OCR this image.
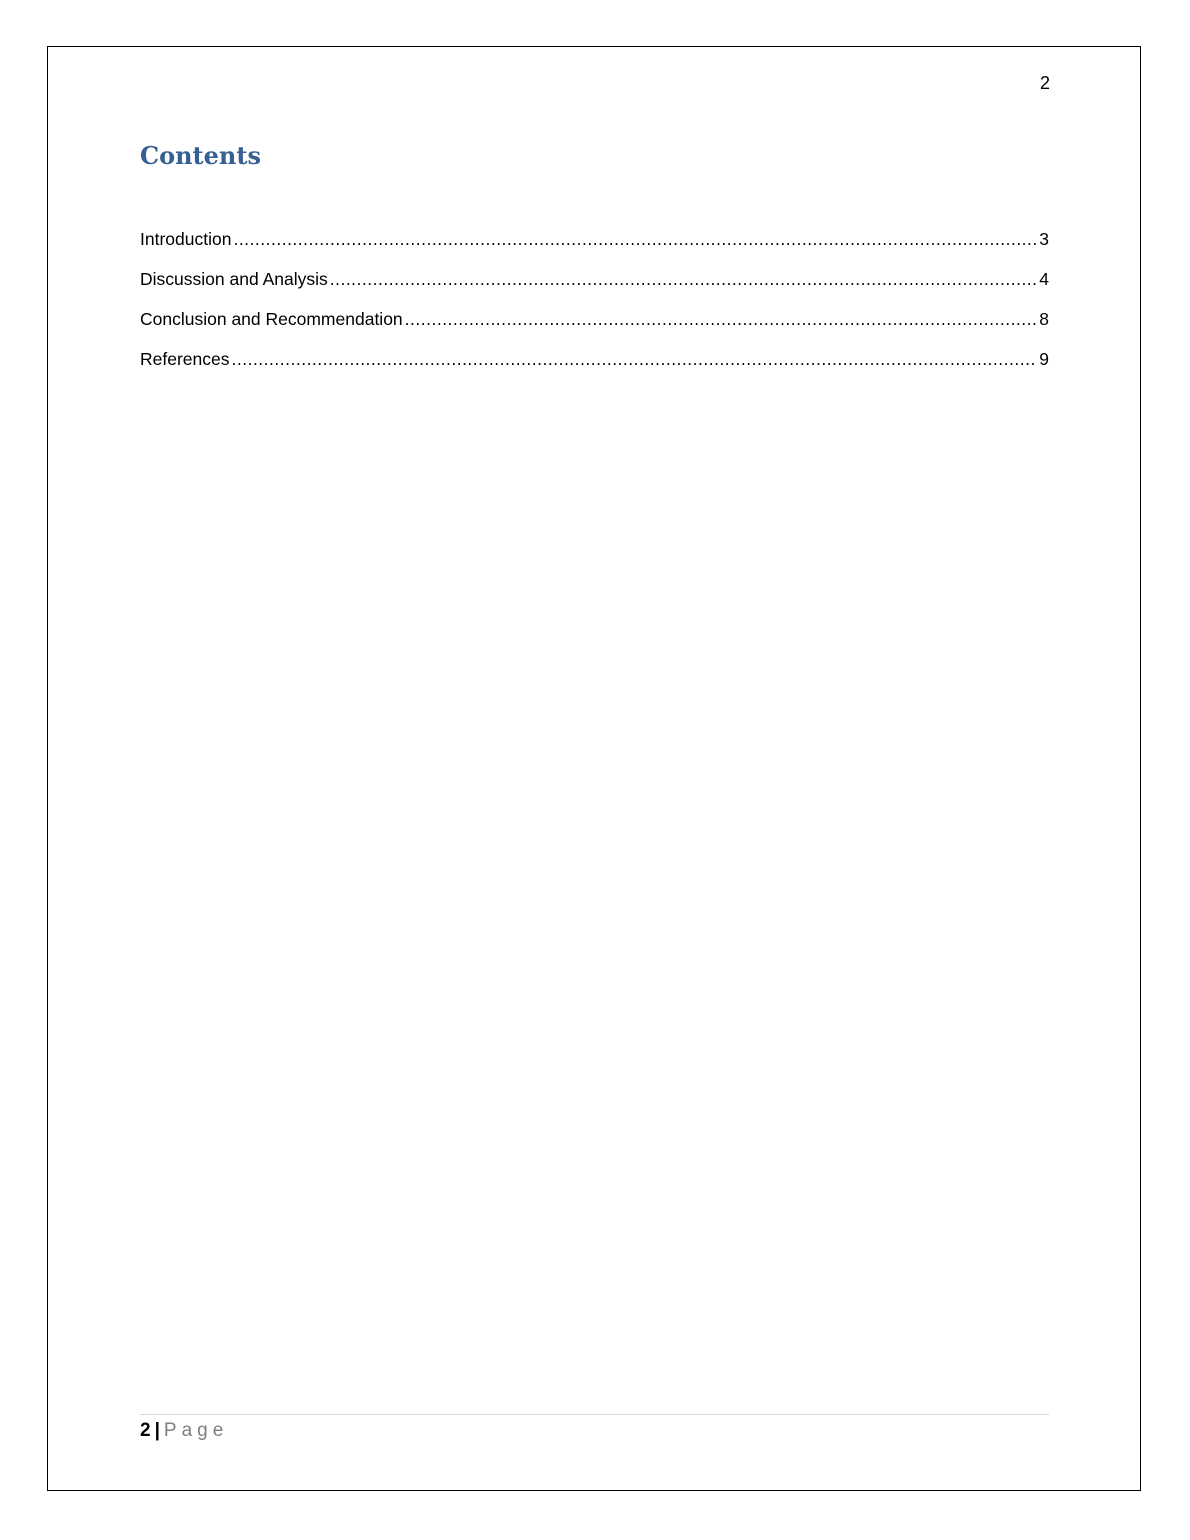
2
Contents
Introduction .....	3
Discussion and Analysis .....	4
Conclusion and Recommendation .....	8
References .....	9
2 | Page
